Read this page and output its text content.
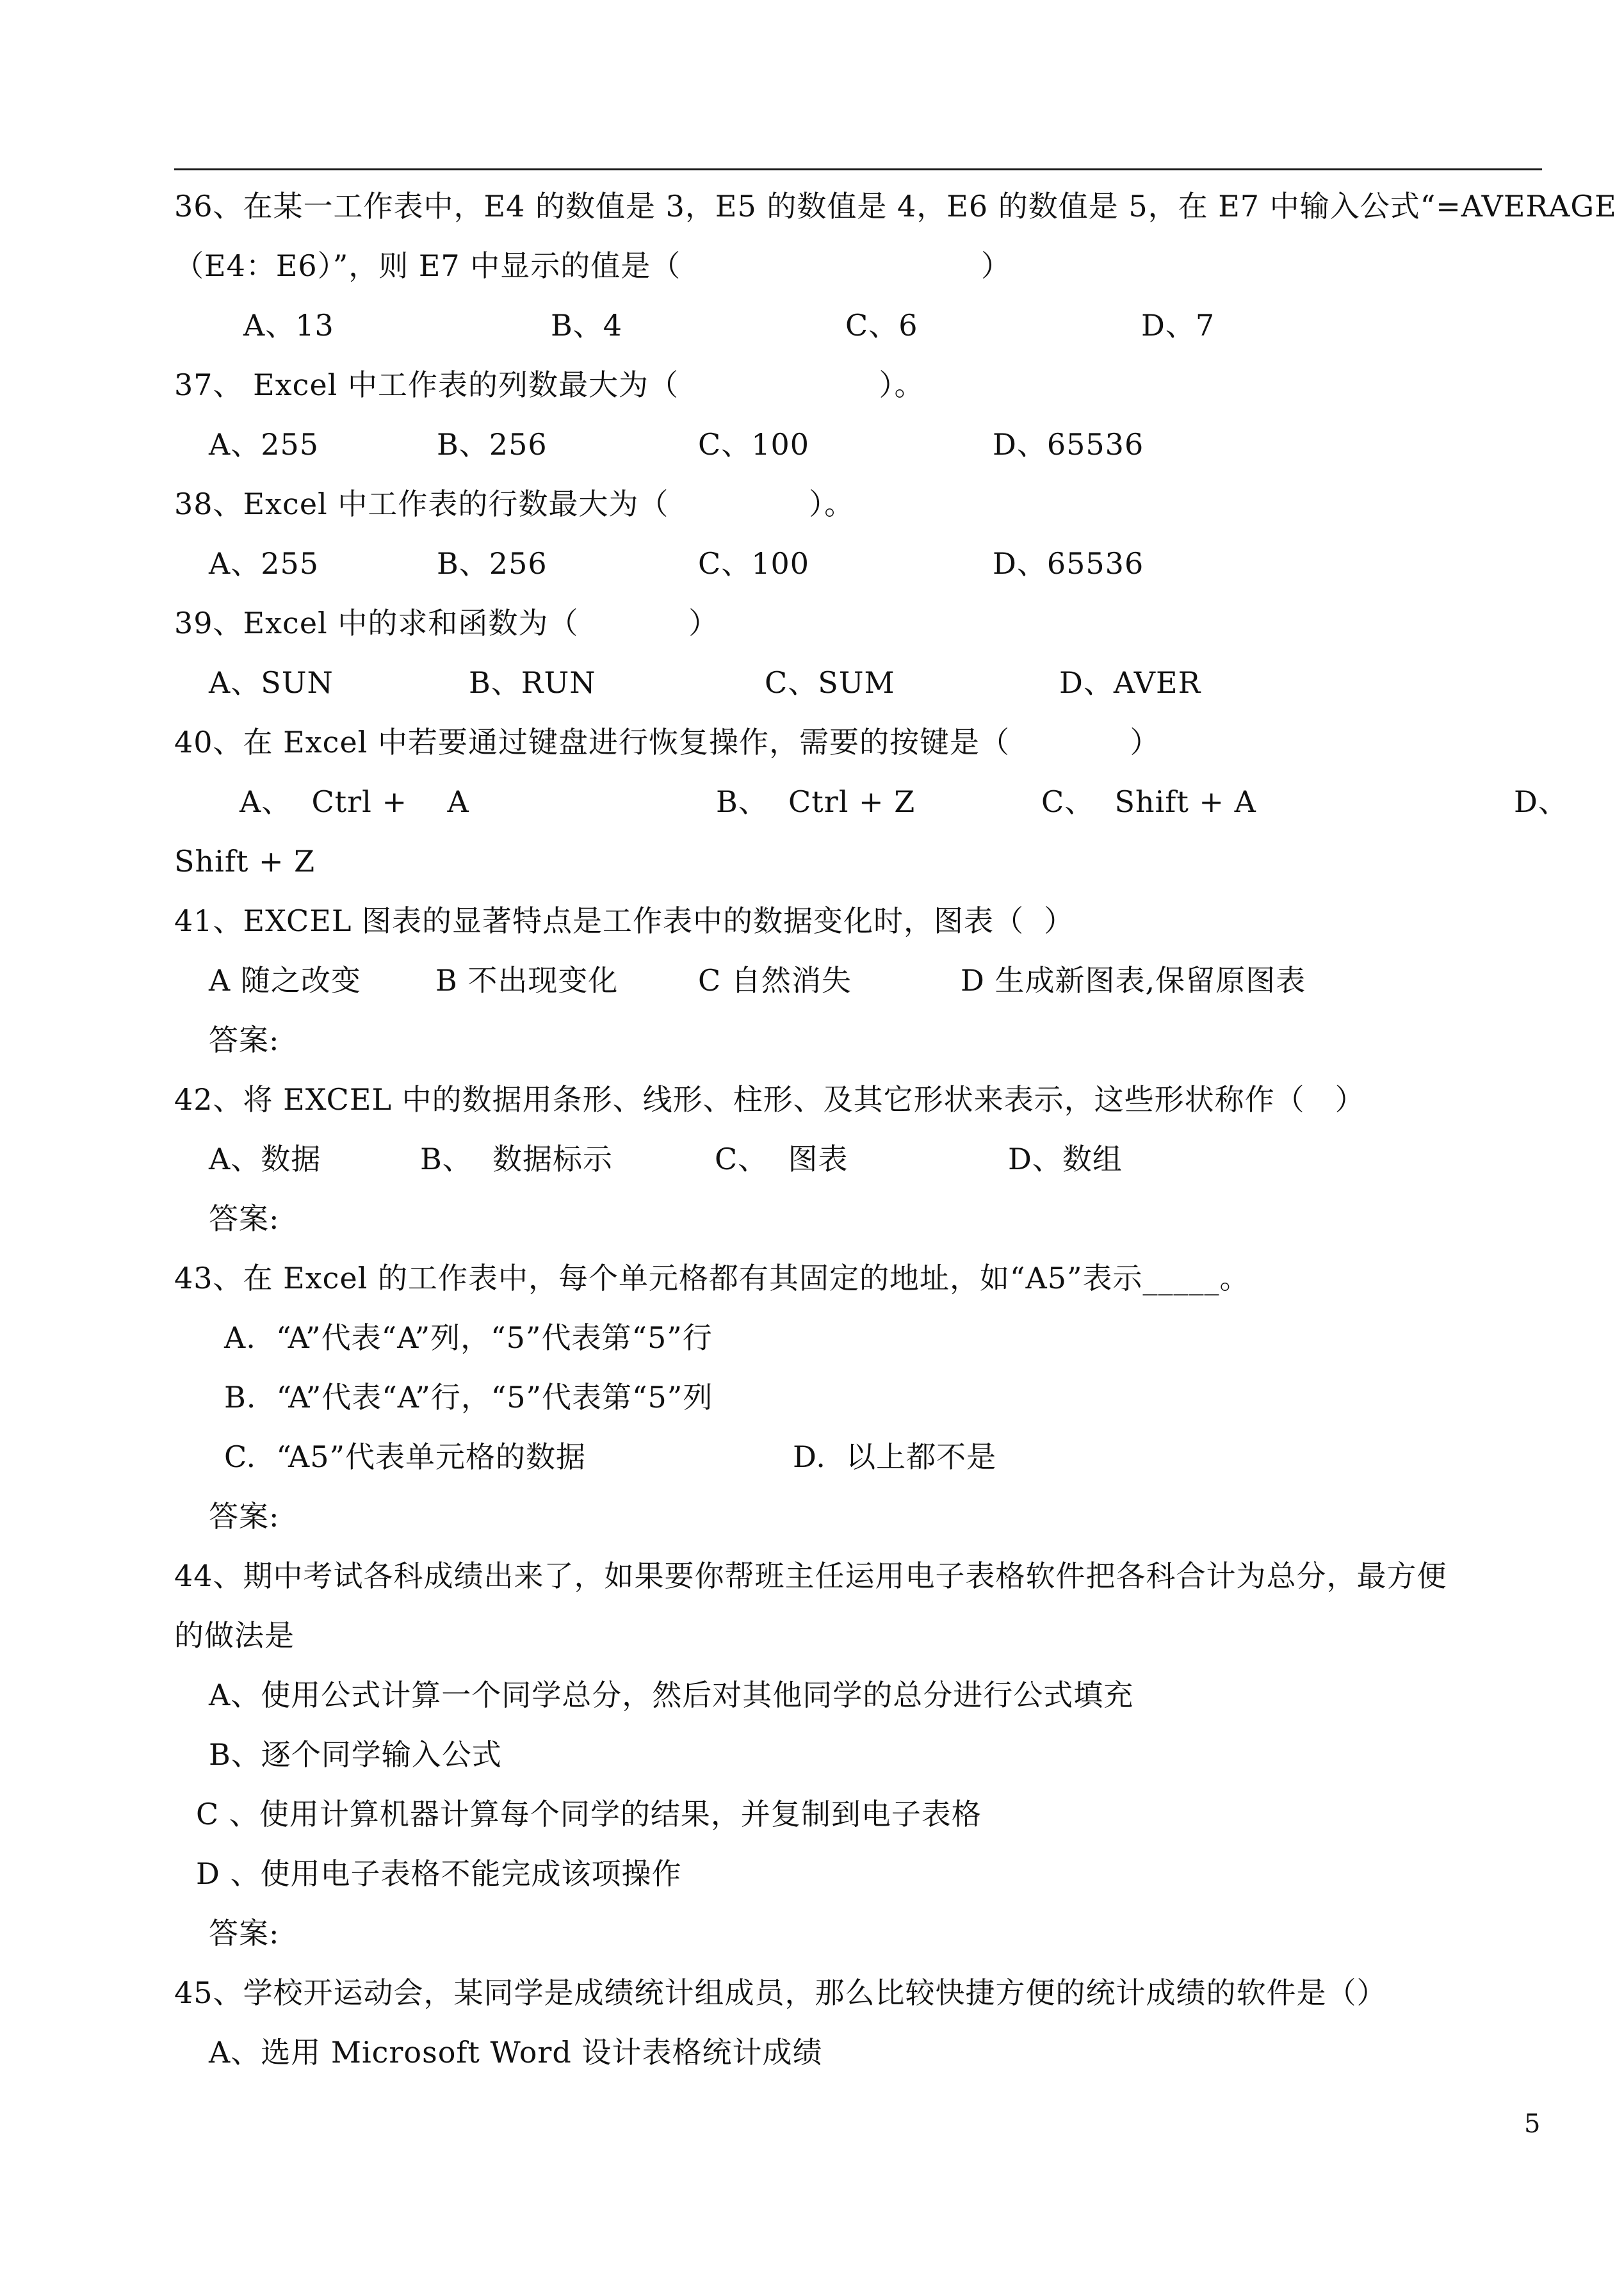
36、在某一工作表中，E4 的数值是 3，E5 的数值是 4，E6 的数值是 5，在 E7 中输入公式“=AVERAGE
（E4：E6）”，则 E7 中显示的值是（                              ）
A、13	B、4	C、6	D、7
37、 Excel 中工作表的列数最大为（                    ）。
A、255	B、256	C、100	D、65536
38、Excel 中工作表的行数最大为（              ）。
A、255	B、256	C、100	D、65536
39、Excel 中的求和函数为（           ）
A、SUN	B、RUN	C、SUM	D、AVER
40、在 Excel 中若要通过键盘进行恢复操作，需要的按键是（            ）
A、  Ctrl +    A	B、  Ctrl + Z	C、  Shift + A	D、
Shift + Z
41、EXCEL 图表的显著特点是工作表中的数据变化时，图表（  ）
A 随之改变	B 不出现变化	C 自然消失	D 生成新图表,保留原图表
答案:
42、将 EXCEL 中的数据用条形、线形、柱形、及其它形状来表示，这些形状称作（   ）
A、数据	B、  数据标示	C、  图表	D、数组
答案:
43、在 Excel 的工作表中，每个单元格都有其固定的地址，如“A5”表示_____。
A.  “A”代表“A”列，“5”代表第“5”行
B.  “A”代表“A”行，“5”代表第“5”列
C.  “A5”代表单元格的数据	D.  以上都不是
答案:
44、期中考试各科成绩出来了，如果要你帮班主任运用电子表格软件把各科合计为总分，最方便
的做法是
A、使用公式计算一个同学总分，然后对其他同学的总分进行公式填充
B、逐个同学输入公式
C 、使用计算机器计算每个同学的结果，并复制到电子表格
D 、使用电子表格不能完成该项操作
答案:
45、学校开运动会，某同学是成绩统计组成员，那么比较快捷方便的统计成绩的软件是（）
A、选用 Microsoft Word 设计表格统计成绩
5
